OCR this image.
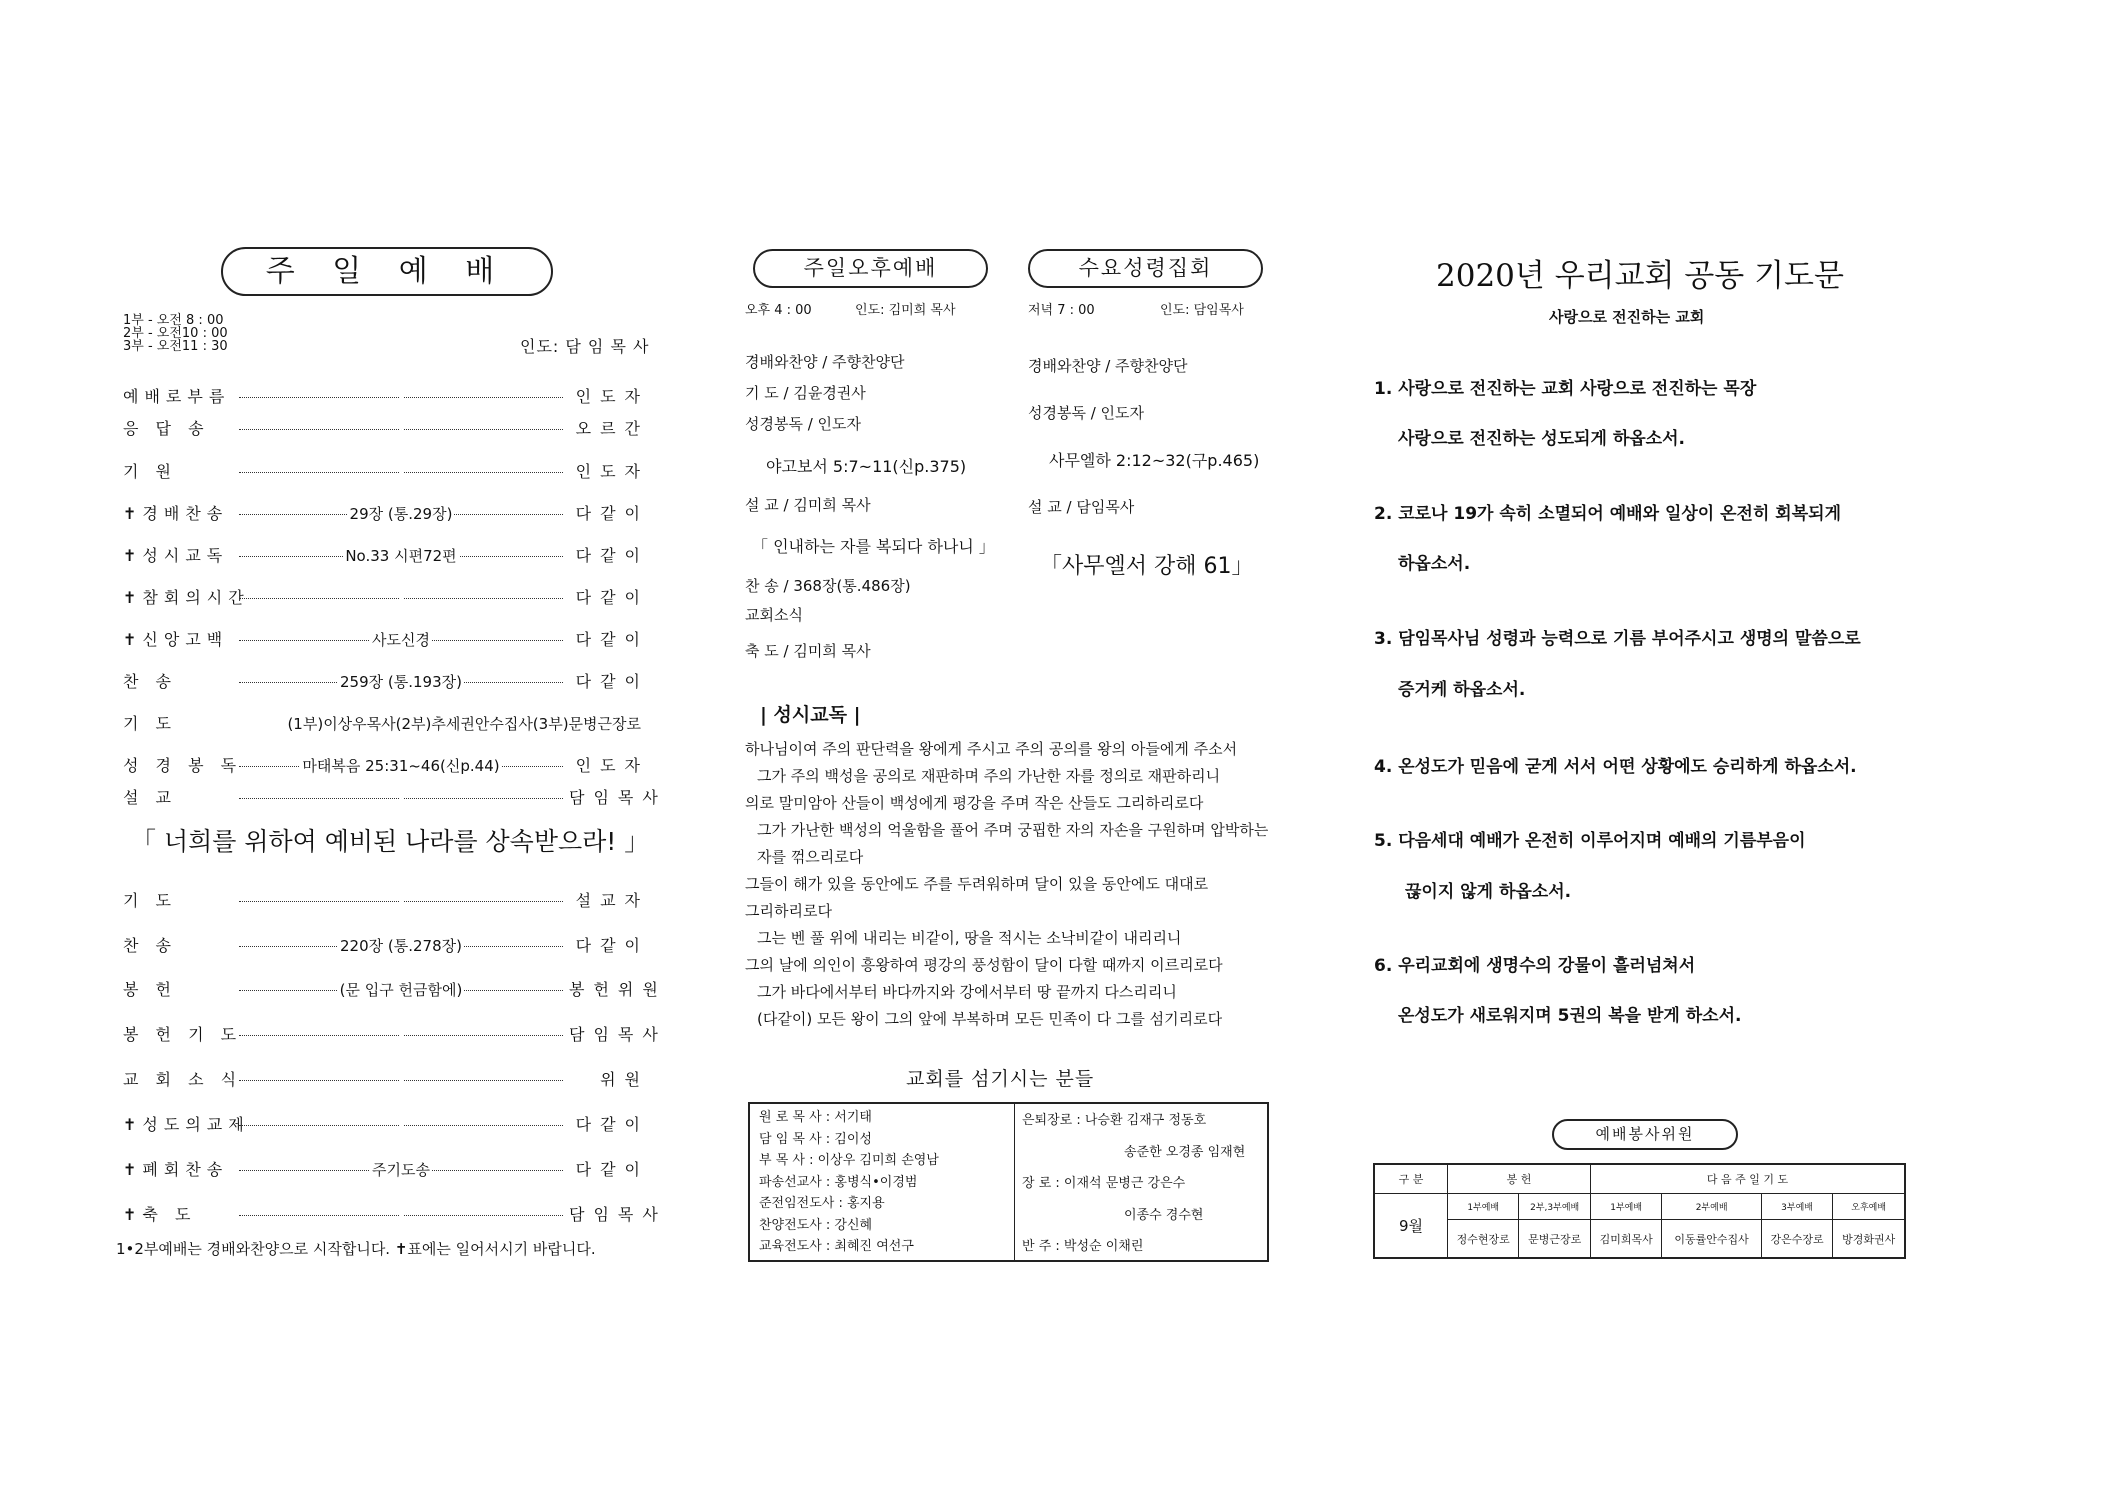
주 일 예 배
1부 - 오전 8 : 00
2부 - 오전10 : 00
3부 - 오전11 : 30	인도: 담 임 목 사
예배로부름	인도자
응 답 송	오르간
기 원	인도자
✝경배찬송	29장 (통.29장)	다같이
✝성시교독	No.33 시편72편	다같이
✝참회의시간	다같이
✝신앙고백	사도신경	다같이
찬 송	259장 (통.193장)	다같이
기 도	(1부)이상우목사(2부)추세권안수집사(3부)문병근장로
성 경 봉 독	마태복음 25:31~46(신p.44)	인도자
설 교	담임목사
기 도	설교자
찬 송	220장 (통.278장)	다같이
봉 헌	(문 입구 헌금함에)	봉헌위원
봉 헌 기 도	담임목사
교 회 소 식	위원
✝성도의교제	다같이
✝폐회찬송	주기도송	다같이
✝축 도	담임목사
「 너희를 위하여 예비된 나라를 상속받으라! 」
1•2부예배는 경배와찬양으로 시작합니다. ✝표에는 일어서시기 바랍니다.
주일오후예배	수요성령집회
오후 4 : 00	인도: 김미희 목사	저녁 7 : 00	인도: 담임목사
경배와찬양 / 주향찬양단
기 도 / 김윤경권사
성경봉독 / 인도자
야고보서 5:7~11(신p.375)
설 교 / 김미희 목사
「 인내하는 자를 복되다 하나니 」
찬 송 / 368장(통.486장)
교회소식
축 도 / 김미희 목사
경배와찬양 / 주향찬양단
성경봉독 / 인도자
사무엘하 2:12~32(구p.465)
설 교 / 담임목사
「사무엘서 강해 61」
| 성시교독 |
하나님이여 주의 판단력을 왕에게 주시고 주의 공의를 왕의 아들에게 주소서
그가 주의 백성을 공의로 재판하며 주의 가난한 자를 정의로 재판하리니
의로 말미암아 산들이 백성에게 평강을 주며 작은 산들도 그리하리로다
그가 가난한 백성의 억울함을 풀어 주며 궁핍한 자의 자손을 구원하며 압박하는
자를 꺾으리로다
그들이 해가 있을 동안에도 주를 두려워하며 달이 있을 동안에도 대대로
그리하리로다
그는 벤 풀 위에 내리는 비같이, 땅을 적시는 소낙비같이 내리리니
그의 날에 의인이 흥왕하여 평강의 풍성함이 달이 다할 때까지 이르리로다
그가 바다에서부터 바다까지와 강에서부터 땅 끝까지 다스리리니
(다같이) 모든 왕이 그의 앞에 부복하며 모든 민족이 다 그를 섬기리로다
교회를 섬기시는 분들
원 로 목 사 : 서기태
담 임 목 사 : 김이성
부 목 사 : 이상우 김미희 손영남
파송선교사 : 홍병식•이경범
준전임전도사 : 홍지용
찬양전도사 : 강신혜
교육전도사 : 최혜진 여선구
은퇴장로 : 나승환 김재구 정동호
송준한 오경종 임재현
장 로 : 이재석 문병근 강은수
이종수 경수현
반 주 : 박성순 이채린
2020년 우리교회 공동 기도문
사랑으로 전진하는 교회
1. 사랑으로 전진하는 교회 사랑으로 전진하는 목장
사랑으로 전진하는 성도되게 하옵소서.
2. 코로나 19가 속히 소멸되어 예배와 일상이 온전히 회복되게
하옵소서.
3. 담임목사님 성령과 능력으로 기름 부어주시고 생명의 말씀으로
증거케 하옵소서.
4. 온성도가 믿음에 굳게 서서 어떤 상황에도 승리하게 하옵소서.
5. 다음세대 예배가 온전히 이루어지며 예배의 기름부음이
끊이지 않게 하옵소서.
6. 우리교회에 생명수의 강물이 흘러넘쳐서
온성도가 새로워지며 5권의 복을 받게 하소서.
예배봉사위원
구 분	봉 헌		다 음 주 일 기 도			
9월	1부예배	2부,3부예배	1부예배	2부예배	3부예배	오후예배
	정수현장로	문병근장로	김미희목사	이동률안수집사	강은수장로	방경화권사
